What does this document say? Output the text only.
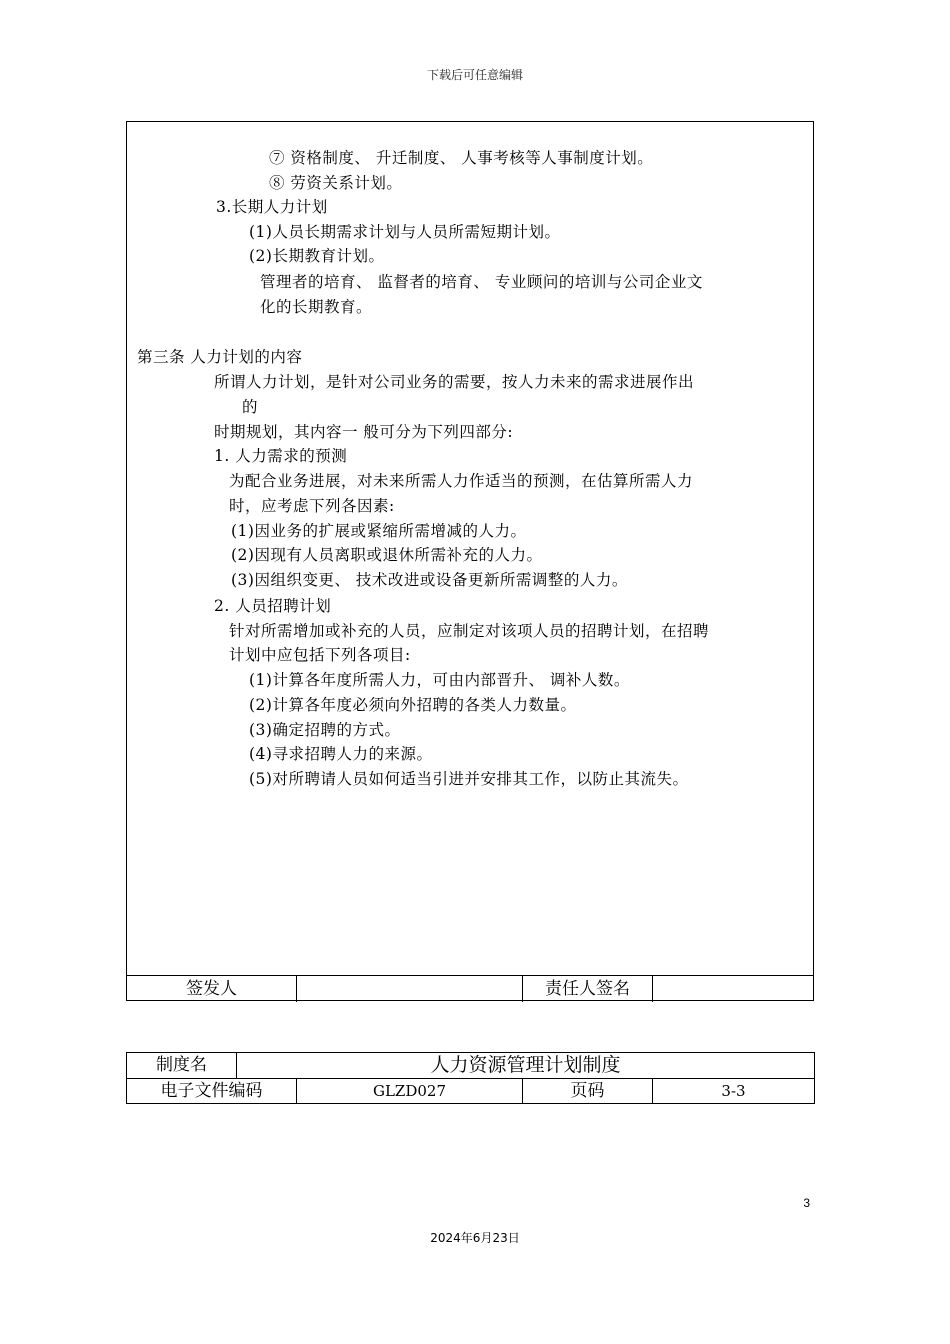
下载后可任意编辑
⑦ 资格制度、 升迁制度、 人事考核等人事制度计划。
⑧ 劳资关系计划。
3.长期人力计划
(1)人员长期需求计划与人员所需短期计划。
(2)长期教育计划。
管理者的培育、 监督者的培育、 专业顾问的培训与公司企业文
化的长期教育。
第三条 人力计划的内容
所谓人力计划，是针对公司业务的需要，按人力未来的需求进展作出
的
时期规划，其内容一 般可分为下列四部分:
1. 人力需求的预测
为配合业务进展，对未来所需人力作适当的预测，在估算所需人力
时，应考虑下列各因素:
(1)因业务的扩展或紧缩所需增减的人力。
(2)因现有人员离职或退休所需补充的人力。
(3)因组织变更、 技术改进或设备更新所需调整的人力。
2. 人员招聘计划
针对所需增加或补充的人员，应制定对该项人员的招聘计划，在招聘
计划中应包括下列各项目:
(1)计算各年度所需人力，可由内部晋升、 调补人数。
(2)计算各年度必须向外招聘的各类人力数量。
(3)确定招聘的方式。
(4)寻求招聘人力的来源。
(5)对所聘请人员如何适当引进并安排其工作，以防止其流失。
签发人	责任人签名
制度名	人力资源管理计划制度
电子文件编码	GLZD027	页码	3-3
3
2024年6月23日
